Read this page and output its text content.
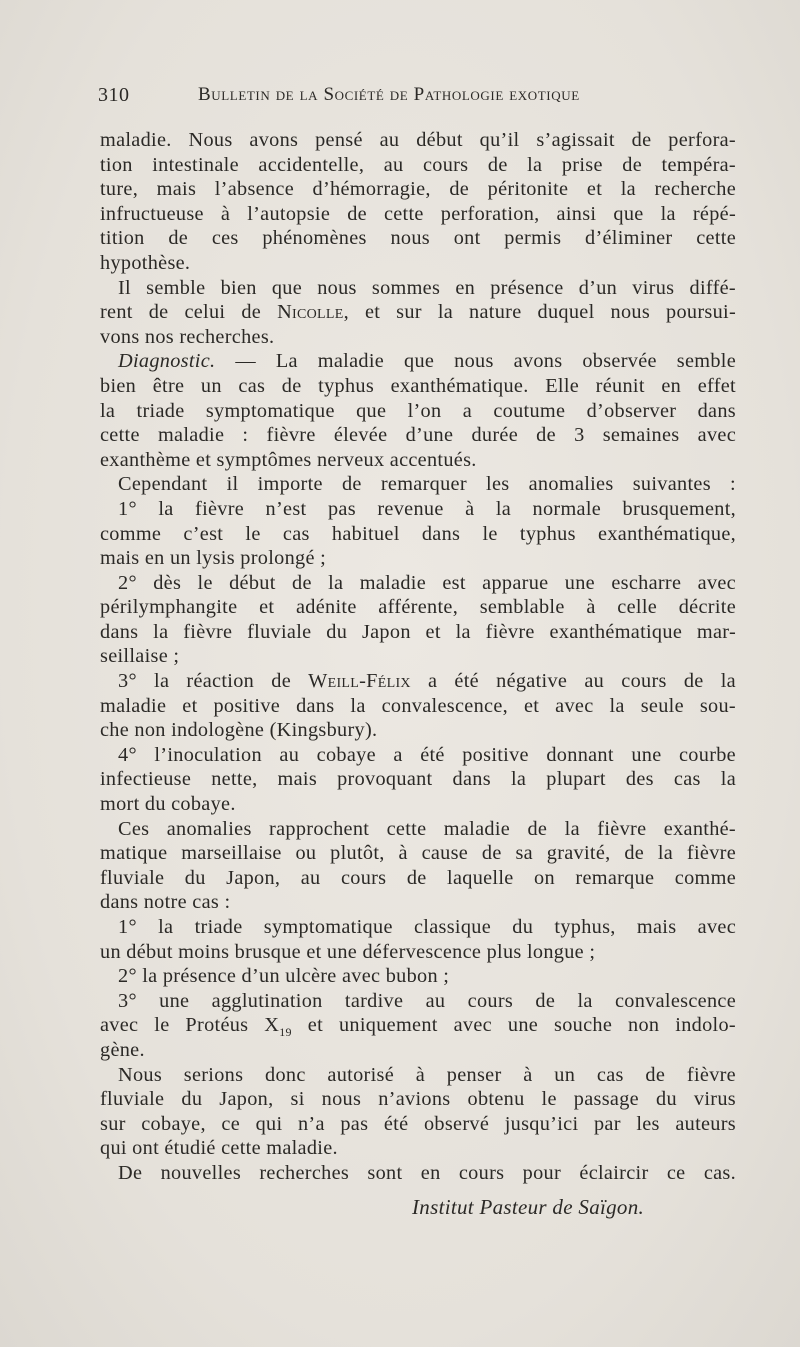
310	Bulletin de la Société de Pathologie exotique
maladie. Nous avons pensé au début qu’il s’agissait de perfora-
tion intestinale accidentelle, au cours de la prise de tempéra-
ture, mais l’absence d’hémorragie, de péritonite et la recherche
infructueuse à l’autopsie de cette perforation, ainsi que la répé-
tition de ces phénomènes nous ont permis d’éliminer cette
hypothèse.
Il semble bien que nous sommes en présence d’un virus diffé-
rent de celui de Nicolle, et sur la nature duquel nous poursui-
vons nos recherches.
Diagnostic. — La maladie que nous avons observée semble
bien être un cas de typhus exanthématique. Elle réunit en effet
la triade symptomatique que l’on a coutume d’observer dans
cette maladie : fièvre élevée d’une durée de 3 semaines avec
exanthème et symptômes nerveux accentués.
Cependant il importe de remarquer les anomalies suivantes :
1° la fièvre n’est pas revenue à la normale brusquement,
comme c’est le cas habituel dans le typhus exanthématique,
mais en un lysis prolongé ;
2° dès le début de la maladie est apparue une escharre avec
périlymphangite et adénite afférente, semblable à celle décrite
dans la fièvre fluviale du Japon et la fièvre exanthématique mar-
seillaise ;
3° la réaction de Weill-Félix a été négative au cours de la
maladie et positive dans la convalescence, et avec la seule sou-
che non indologène (Kingsbury).
4° l’inoculation au cobaye a été positive donnant une courbe
infectieuse nette, mais provoquant dans la plupart des cas la
mort du cobaye.
Ces anomalies rapprochent cette maladie de la fièvre exanthé-
matique marseillaise ou plutôt, à cause de sa gravité, de la fièvre
fluviale du Japon, au cours de laquelle on remarque comme
dans notre cas :
1° la triade symptomatique classique du typhus, mais avec
un début moins brusque et une défervescence plus longue ;
2° la présence d’un ulcère avec bubon ;
3° une agglutination tardive au cours de la convalescence
avec le Protéus $X_{19}$ et uniquement avec une souche non indolo-
gène.
Nous serions donc autorisé à penser à un cas de fièvre
fluviale du Japon, si nous n’avions obtenu le passage du virus
sur cobaye, ce qui n’a pas été observé jusqu’ici par les auteurs
qui ont étudié cette maladie.
De nouvelles recherches sont en cours pour éclaircir ce cas.
Institut Pasteur de Saïgon.
